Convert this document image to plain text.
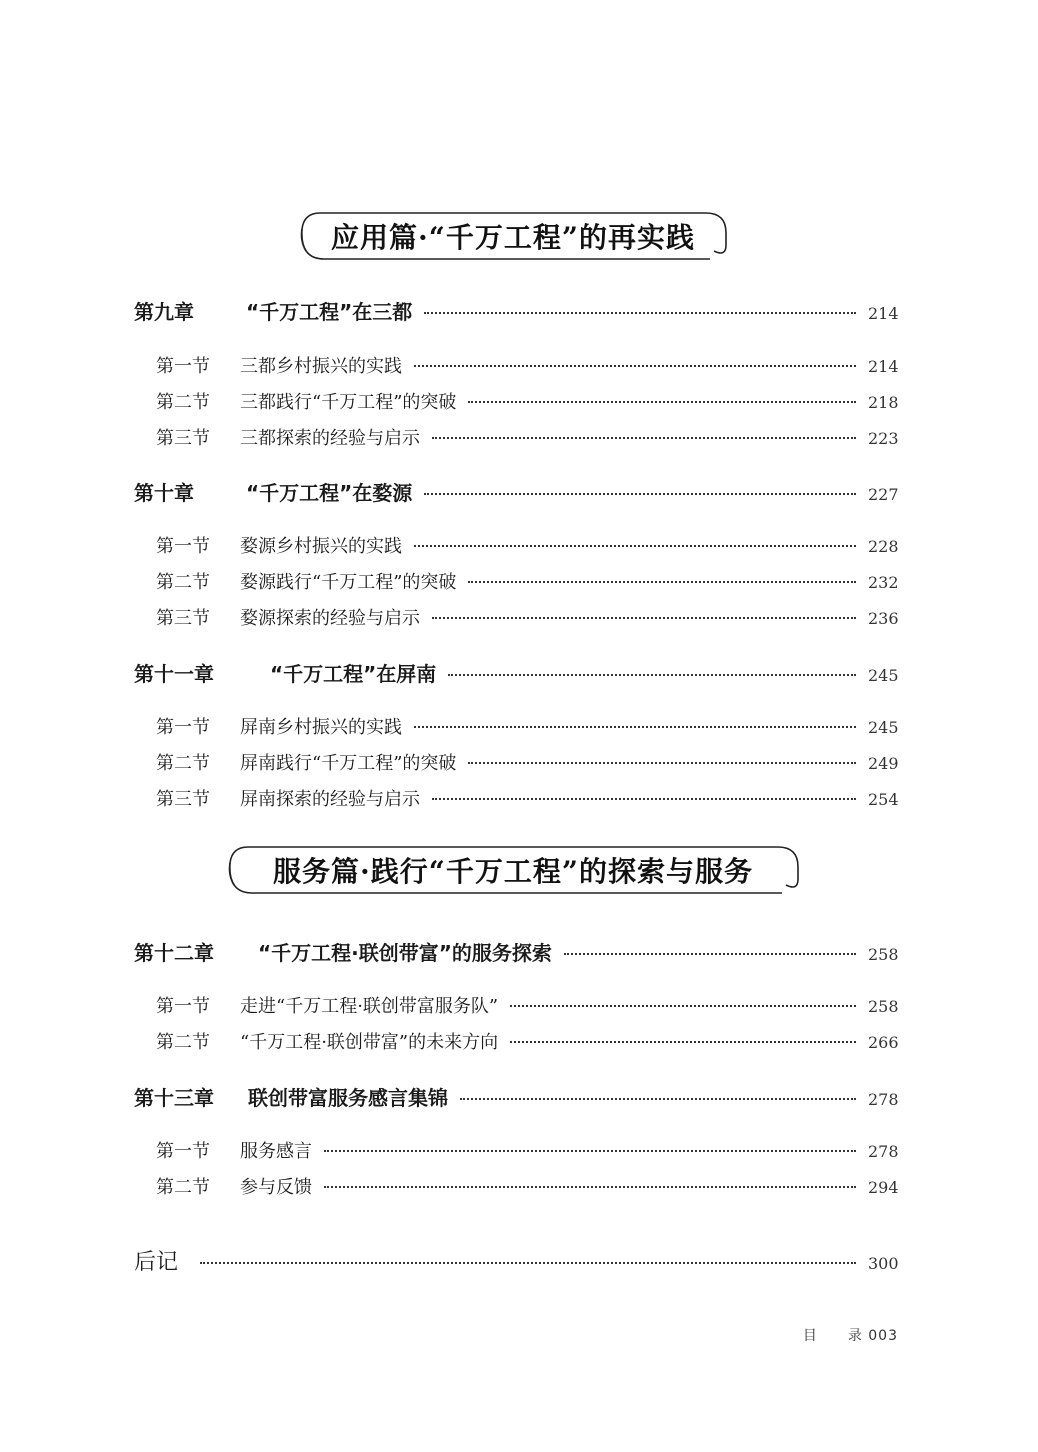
应用篇·“千万工程”的再实践
第九章	“千万工程”在三都	214
第一节	三都乡村振兴的实践	214
第二节	三都践行“千万工程”的突破	218
第三节	三都探索的经验与启示	223
第十章	“千万工程”在婺源	227
第一节	婺源乡村振兴的实践	228
第二节	婺源践行“千万工程”的突破	232
第三节	婺源探索的经验与启示	236
第十一章	“千万工程”在屏南	245
第一节	屏南乡村振兴的实践	245
第二节	屏南践行“千万工程”的突破	249
第三节	屏南探索的经验与启示	254
服务篇·践行“千万工程”的探索与服务
第十二章	“千万工程·联创带富”的服务探索	258
第一节	走进“千万工程·联创带富服务队”	258
第二节	“千万工程·联创带富”的未来方向	266
第十三章	联创带富服务感言集锦	278
第一节	服务感言	278
第二节	参与反馈	294
后记	300
目 录 003
